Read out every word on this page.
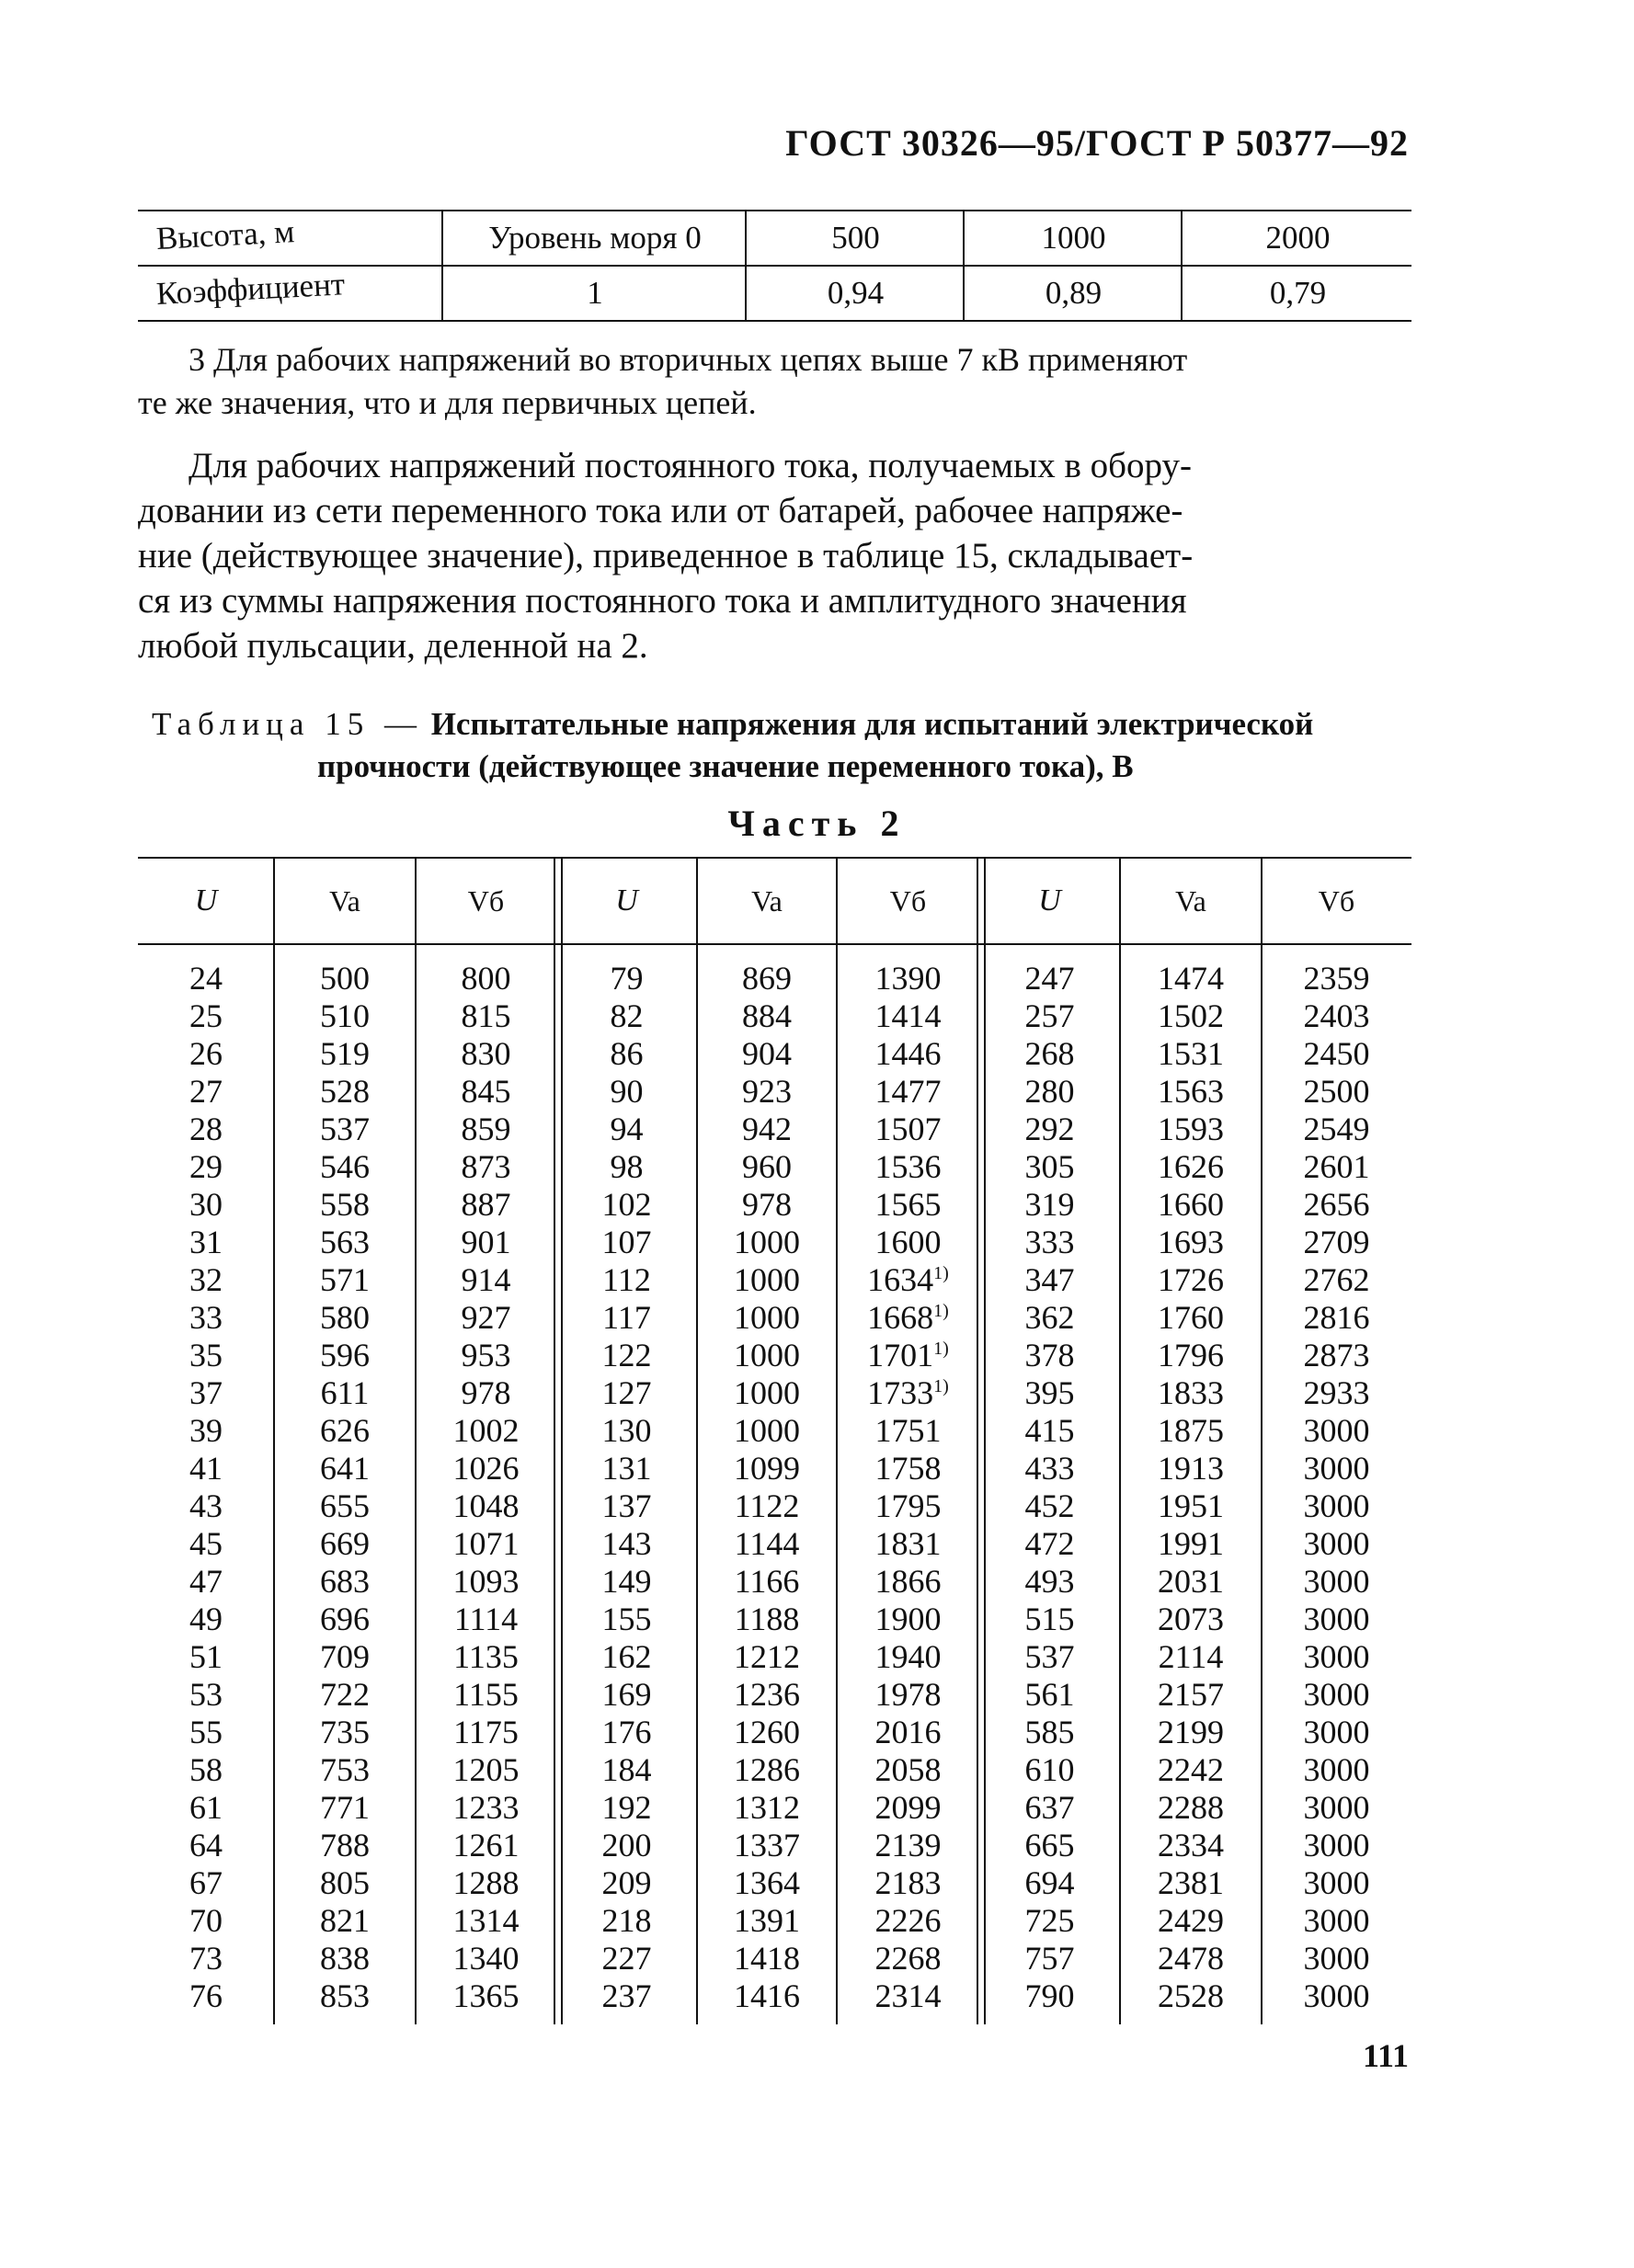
ГОСТ 30326—95/ГОСТ Р 50377—92
Высота, м	Уровень моря 0	500	1000	2000
Коэффициент	1	0,94	0,89	0,79
3 Для рабочих напряжений во вторичных цепях выше 7 кВ применяют
те же значения, что и для первичных цепей.
Для рабочих напряжений постоянного тока, получаемых в обору-
довании из сети переменного тока или от батарей, рабочее напряже-
ние (действующее значение), приведенное в таблице 15, складывает-
ся из суммы напряжения постоянного тока и амплитудного значения
любой пульсации, деленной на 2.
Таблица 15 — Испытательные напряжения для испытаний электрической
прочности (действующее значение переменного тока), В
Часть 2
U	Va	Vб	U	Va	Vб	U	Va	Vб
24	500	800	79	869	1390	247	1474	2359
25	510	815	82	884	1414	257	1502	2403
26	519	830	86	904	1446	268	1531	2450
27	528	845	90	923	1477	280	1563	2500
28	537	859	94	942	1507	292	1593	2549
29	546	873	98	960	1536	305	1626	2601
30	558	887	102	978	1565	319	1660	2656
31	563	901	107	1000	1600	333	1693	2709
32	571	914	112	1000	1634$^{1)}$	347	1726	2762
33	580	927	117	1000	1668$^{1)}$	362	1760	2816
35	596	953	122	1000	1701$^{1)}$	378	1796	2873
37	611	978	127	1000	1733$^{1)}$	395	1833	2933
39	626	1002	130	1000	1751	415	1875	3000
41	641	1026	131	1099	1758	433	1913	3000
43	655	1048	137	1122	1795	452	1951	3000
45	669	1071	143	1144	1831	472	1991	3000
47	683	1093	149	1166	1866	493	2031	3000
49	696	1114	155	1188	1900	515	2073	3000
51	709	1135	162	1212	1940	537	2114	3000
53	722	1155	169	1236	1978	561	2157	3000
55	735	1175	176	1260	2016	585	2199	3000
58	753	1205	184	1286	2058	610	2242	3000
61	771	1233	192	1312	2099	637	2288	3000
64	788	1261	200	1337	2139	665	2334	3000
67	805	1288	209	1364	2183	694	2381	3000
70	821	1314	218	1391	2226	725	2429	3000
73	838	1340	227	1418	2268	757	2478	3000
76	853	1365	237	1416	2314	790	2528	3000
111
